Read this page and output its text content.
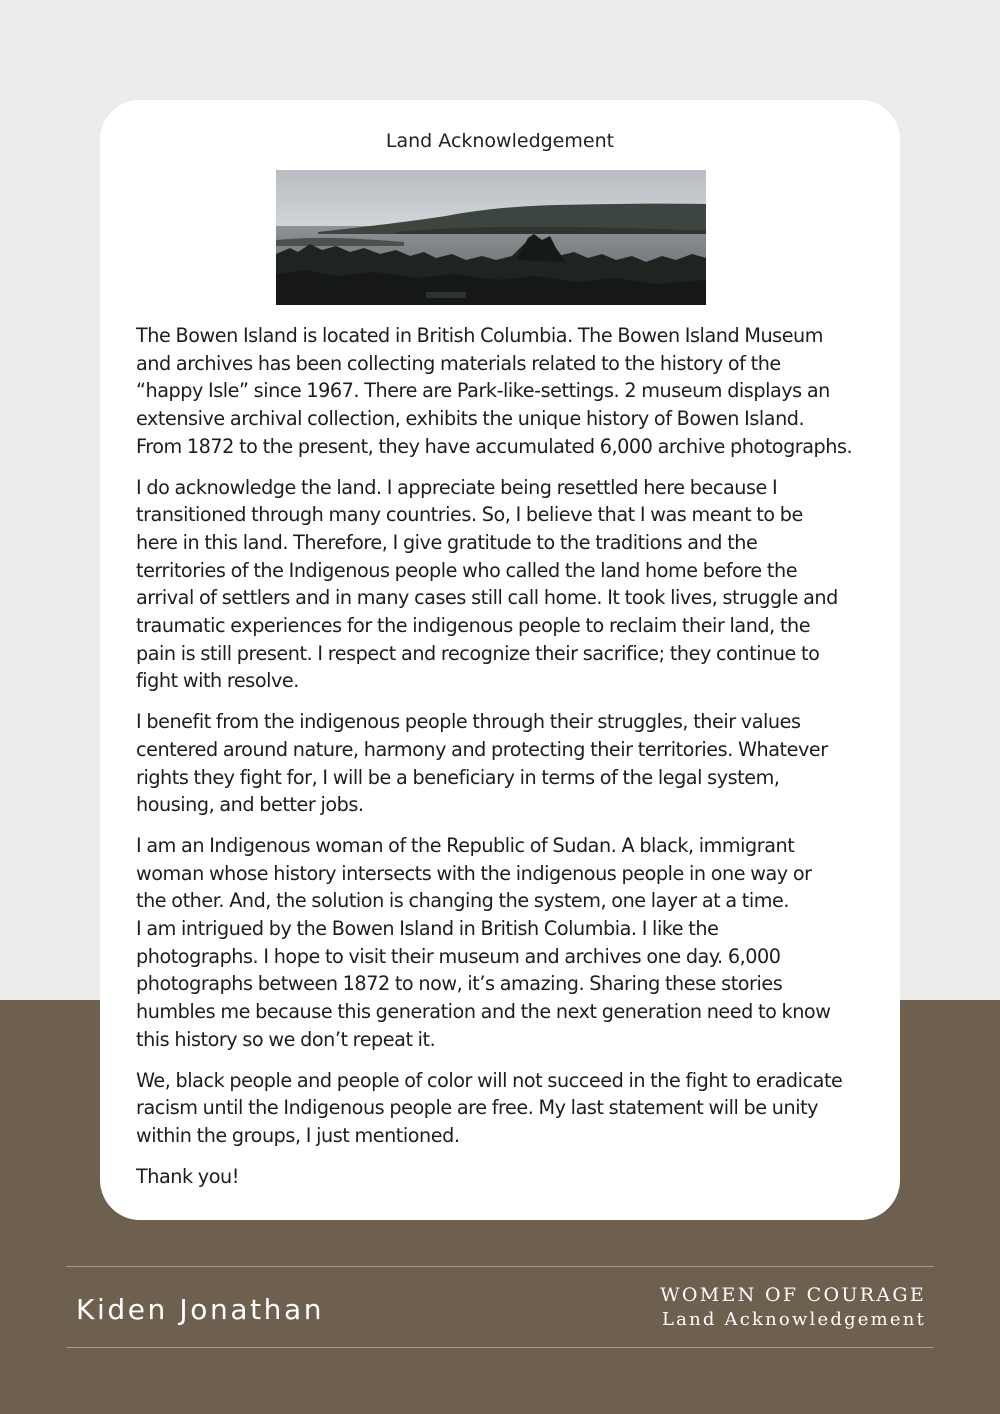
Land Acknowledgement

The Bowen Island is located in British Columbia. The Bowen Island Museum
and archives has been collecting materials related to the history of the
“happy Isle” since 1967. There are Park-like-settings. 2 museum displays an
extensive archival collection, exhibits the unique history of Bowen Island.
From 1872 to the present, they have accumulated 6,000 archive photographs.

I do acknowledge the land. I appreciate being resettled here because I
transitioned through many countries. So, I believe that I was meant to be
here in this land. Therefore, I give gratitude to the traditions and the
territories of the Indigenous people who called the land home before the
arrival of settlers and in many cases still call home. It took lives, struggle and
traumatic experiences for the indigenous people to reclaim their land, the
pain is still present. I respect and recognize their sacrifice; they continue to
fight with resolve.

I benefit from the indigenous people through their struggles, their values
centered around nature, harmony and protecting their territories. Whatever
rights they fight for, I will be a beneficiary in terms of the legal system,
housing, and better jobs.

I am an Indigenous woman of the Republic of Sudan. A black, immigrant
woman whose history intersects with the indigenous people in one way or
the other. And, the solution is changing the system, one layer at a time.
I am intrigued by the Bowen Island in British Columbia. I like the
photographs. I hope to visit their museum and archives one day. 6,000
photographs between 1872 to now, it’s amazing. Sharing these stories
humbles me because this generation and the next generation need to know
this history so we don’t repeat it.

We, black people and people of color will not succeed in the fight to eradicate
racism until the Indigenous people are free. My last statement will be unity
within the groups, I just mentioned.

Thank you!

Kiden Jonathan	WOMEN OF COURAGE
Land Acknowledgement
